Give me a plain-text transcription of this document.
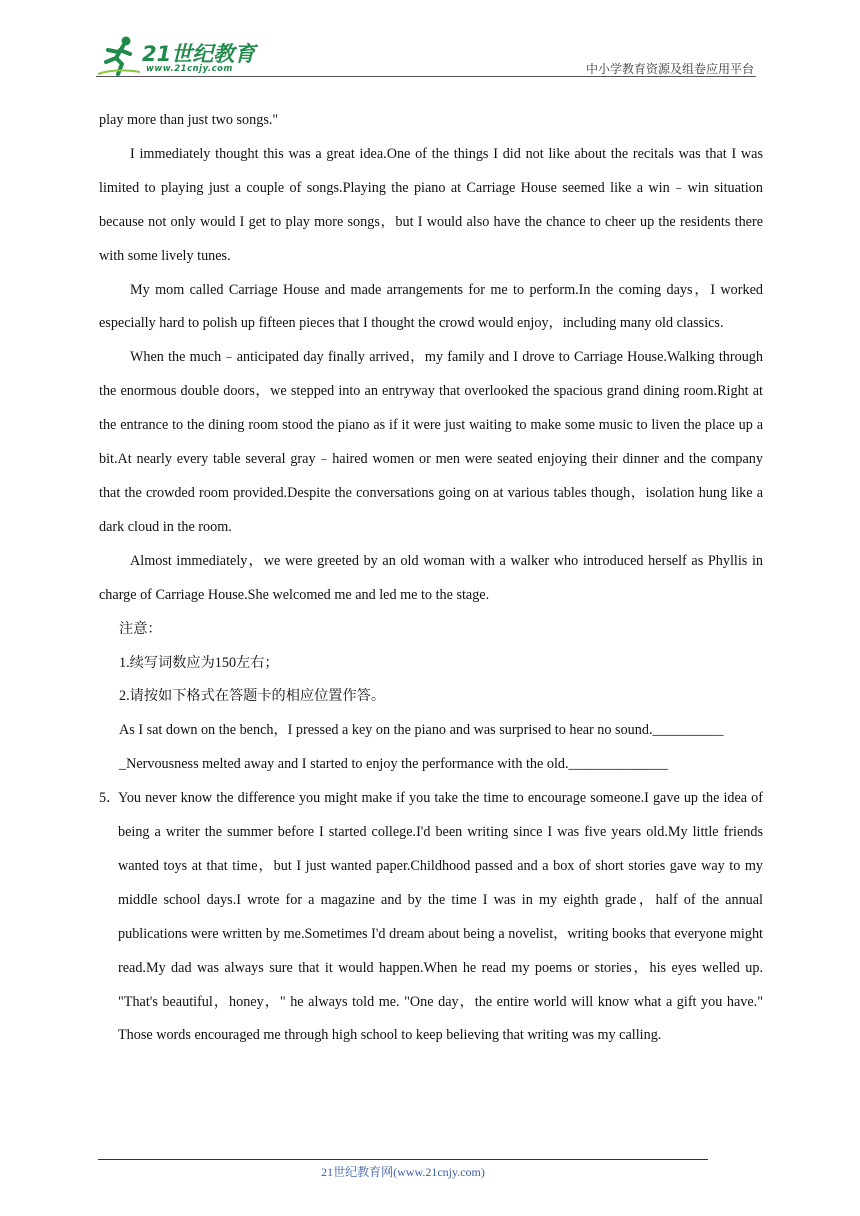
21世纪教育
www.21cnjy.com	中小学教育资源及组卷应用平台

play more than just two songs."

I immediately thought this was a great idea.One of the things I did not like about the recitals was that I was limited to playing just a couple of songs.Playing the piano at Carriage House seemed like a win﹣win situation because not only would I get to play more songs，but I would also have the chance to cheer up the residents there with some lively tunes.

My mom called Carriage House and made arrangements for me to perform.In the coming days，I worked especially hard to polish up fifteen pieces that I thought the crowd would enjoy，including many old classics.

When the much﹣anticipated day finally arrived，my family and I drove to Carriage House.Walking through the enormous double doors，we stepped into an entryway that overlooked the spacious grand dining room.Right at the entrance to the dining room stood the piano as if it were just waiting to make some music to liven the place up a bit.At nearly every table several gray﹣haired women or men were seated enjoying their dinner and the company that the crowded room provided.Despite the conversations going on at various tables though，isolation hung like a dark cloud in the room.

Almost immediately，we were greeted by an old woman with a walker who introduced herself as Phyllis in charge of Carriage House.She welcomed me and led me to the stage.

注意：

1.续写词数应为150左右；

2.请按如下格式在答题卡的相应位置作答。

As I sat down on the bench，I pressed a key on the piano and was surprised to hear no sound.__________

_Nervousness melted away and I started to enjoy the performance with the old.______________

5．

You never know the difference you might make if you take the time to encourage someone.I gave up the idea of being a writer the summer before I started college.I'd been writing since I was five years old.My little friends wanted toys at that time，but I just wanted paper.Childhood passed and a box of short stories gave way to my middle school days.I wrote for a magazine and by the time I was in my eighth grade，half of the annual publications were written by me.Sometimes I'd dream about being a novelist，writing books that everyone might read.My dad was always sure that it would happen.When he read my poems or stories，his eyes welled up. "That's beautiful，honey，" he always told me. "One day，the entire world will know what a gift you have." Those words encouraged me through high school to keep believing that writing was my calling.

21世纪教育网(www.21cnjy.com)
